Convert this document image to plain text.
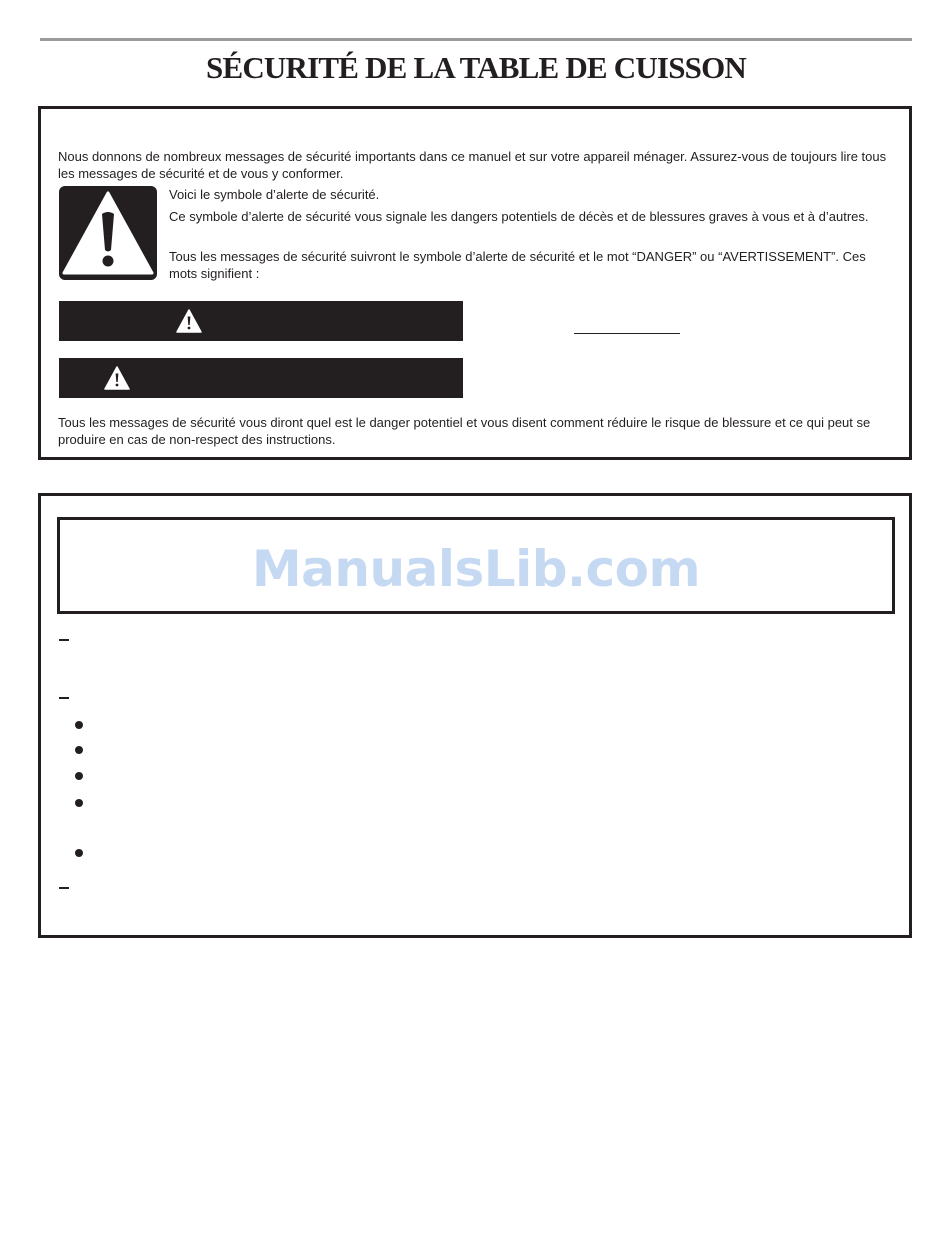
SÉCURITÉ DE LA TABLE DE CUISSON
Nous donnons de nombreux messages de sécurité importants dans ce manuel et sur votre appareil ménager. Assurez-vous de toujours lire tous les messages de sécurité et de vous y conformer.
Voici le symbole d’alerte de sécurité.
Ce symbole d’alerte de sécurité vous signale les dangers potentiels de décès et de blessures graves à vous et à d’autres.
Tous les messages de sécurité suivront le symbole d’alerte de sécurité et le mot “DANGER” ou “AVERTISSEMENT”. Ces mots signifient :
Tous les messages de sécurité vous diront quel est le danger potentiel et vous disent comment réduire le risque de blessure et ce qui peut se produire en cas de non-respect des instructions.
ManualsLib.com
